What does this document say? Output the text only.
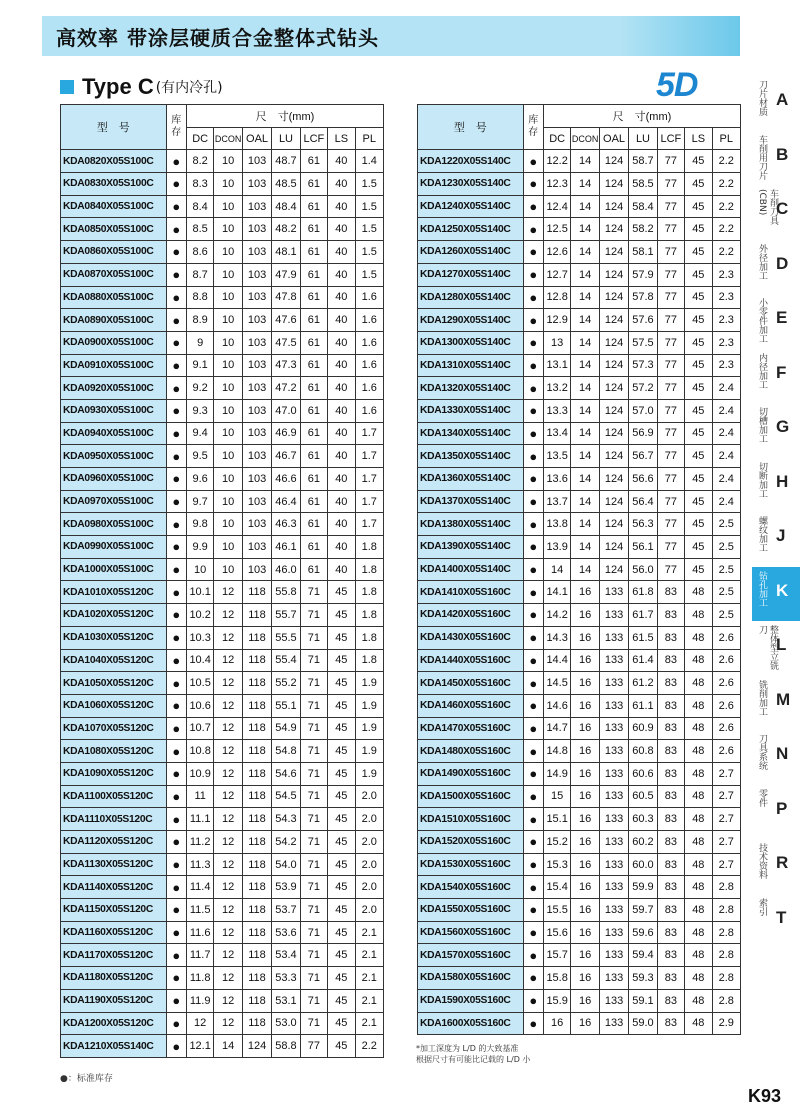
高效率 带涂层硬质合金整体式钻头
Type C (有内冷孔)	5D
型　号	库存	尺　寸(mm)						
		DC	DCON	OAL	LU	LCF	LS	PL
KDA0820X05S100C	●	8.2	10	103	48.7	61	40	1.4
KDA0830X05S100C	●	8.3	10	103	48.5	61	40	1.5
KDA0840X05S100C	●	8.4	10	103	48.4	61	40	1.5
KDA0850X05S100C	●	8.5	10	103	48.2	61	40	1.5
KDA0860X05S100C	●	8.6	10	103	48.1	61	40	1.5
KDA0870X05S100C	●	8.7	10	103	47.9	61	40	1.5
KDA0880X05S100C	●	8.8	10	103	47.8	61	40	1.6
KDA0890X05S100C	●	8.9	10	103	47.6	61	40	1.6
KDA0900X05S100C	●	9	10	103	47.5	61	40	1.6
KDA0910X05S100C	●	9.1	10	103	47.3	61	40	1.6
KDA0920X05S100C	●	9.2	10	103	47.2	61	40	1.6
KDA0930X05S100C	●	9.3	10	103	47.0	61	40	1.6
KDA0940X05S100C	●	9.4	10	103	46.9	61	40	1.7
KDA0950X05S100C	●	9.5	10	103	46.7	61	40	1.7
KDA0960X05S100C	●	9.6	10	103	46.6	61	40	1.7
KDA0970X05S100C	●	9.7	10	103	46.4	61	40	1.7
KDA0980X05S100C	●	9.8	10	103	46.3	61	40	1.7
KDA0990X05S100C	●	9.9	10	103	46.1	61	40	1.8
KDA1000X05S100C	●	10	10	103	46.0	61	40	1.8
KDA1010X05S120C	●	10.1	12	118	55.8	71	45	1.8
KDA1020X05S120C	●	10.2	12	118	55.7	71	45	1.8
KDA1030X05S120C	●	10.3	12	118	55.5	71	45	1.8
KDA1040X05S120C	●	10.4	12	118	55.4	71	45	1.8
KDA1050X05S120C	●	10.5	12	118	55.2	71	45	1.9
KDA1060X05S120C	●	10.6	12	118	55.1	71	45	1.9
KDA1070X05S120C	●	10.7	12	118	54.9	71	45	1.9
KDA1080X05S120C	●	10.8	12	118	54.8	71	45	1.9
KDA1090X05S120C	●	10.9	12	118	54.6	71	45	1.9
KDA1100X05S120C	●	11	12	118	54.5	71	45	2.0
KDA1110X05S120C	●	11.1	12	118	54.3	71	45	2.0
KDA1120X05S120C	●	11.2	12	118	54.2	71	45	2.0
KDA1130X05S120C	●	11.3	12	118	54.0	71	45	2.0
KDA1140X05S120C	●	11.4	12	118	53.9	71	45	2.0
KDA1150X05S120C	●	11.5	12	118	53.7	71	45	2.0
KDA1160X05S120C	●	11.6	12	118	53.6	71	45	2.1
KDA1170X05S120C	●	11.7	12	118	53.4	71	45	2.1
KDA1180X05S120C	●	11.8	12	118	53.3	71	45	2.1
KDA1190X05S120C	●	11.9	12	118	53.1	71	45	2.1
KDA1200X05S120C	●	12	12	118	53.0	71	45	2.1
KDA1210X05S140C	●	12.1	14	124	58.8	77	45	2.2
型　号	库存	尺　寸(mm)						
		DC	DCON	OAL	LU	LCF	LS	PL
KDA1220X05S140C	●	12.2	14	124	58.7	77	45	2.2
KDA1230X05S140C	●	12.3	14	124	58.5	77	45	2.2
KDA1240X05S140C	●	12.4	14	124	58.4	77	45	2.2
KDA1250X05S140C	●	12.5	14	124	58.2	77	45	2.2
KDA1260X05S140C	●	12.6	14	124	58.1	77	45	2.2
KDA1270X05S140C	●	12.7	14	124	57.9	77	45	2.3
KDA1280X05S140C	●	12.8	14	124	57.8	77	45	2.3
KDA1290X05S140C	●	12.9	14	124	57.6	77	45	2.3
KDA1300X05S140C	●	13	14	124	57.5	77	45	2.3
KDA1310X05S140C	●	13.1	14	124	57.3	77	45	2.3
KDA1320X05S140C	●	13.2	14	124	57.2	77	45	2.4
KDA1330X05S140C	●	13.3	14	124	57.0	77	45	2.4
KDA1340X05S140C	●	13.4	14	124	56.9	77	45	2.4
KDA1350X05S140C	●	13.5	14	124	56.7	77	45	2.4
KDA1360X05S140C	●	13.6	14	124	56.6	77	45	2.4
KDA1370X05S140C	●	13.7	14	124	56.4	77	45	2.4
KDA1380X05S140C	●	13.8	14	124	56.3	77	45	2.5
KDA1390X05S140C	●	13.9	14	124	56.1	77	45	2.5
KDA1400X05S140C	●	14	14	124	56.0	77	45	2.5
KDA1410X05S160C	●	14.1	16	133	61.8	83	48	2.5
KDA1420X05S160C	●	14.2	16	133	61.7	83	48	2.5
KDA1430X05S160C	●	14.3	16	133	61.5	83	48	2.6
KDA1440X05S160C	●	14.4	16	133	61.4	83	48	2.6
KDA1450X05S160C	●	14.5	16	133	61.2	83	48	2.6
KDA1460X05S160C	●	14.6	16	133	61.1	83	48	2.6
KDA1470X05S160C	●	14.7	16	133	60.9	83	48	2.6
KDA1480X05S160C	●	14.8	16	133	60.8	83	48	2.6
KDA1490X05S160C	●	14.9	16	133	60.6	83	48	2.7
KDA1500X05S160C	●	15	16	133	60.5	83	48	2.7
KDA1510X05S160C	●	15.1	16	133	60.3	83	48	2.7
KDA1520X05S160C	●	15.2	16	133	60.2	83	48	2.7
KDA1530X05S160C	●	15.3	16	133	60.0	83	48	2.7
KDA1540X05S160C	●	15.4	16	133	59.9	83	48	2.8
KDA1550X05S160C	●	15.5	16	133	59.7	83	48	2.8
KDA1560X05S160C	●	15.6	16	133	59.6	83	48	2.8
KDA1570X05S160C	●	15.7	16	133	59.4	83	48	2.8
KDA1580X05S160C	●	15.8	16	133	59.3	83	48	2.8
KDA1590X05S160C	●	15.9	16	133	59.1	83	48	2.8
KDA1600X05S160C	●	16	16	133	59.0	83	48	2.9
*加工深度为 L/D 的大致基准
根据尺寸有可能比记载的 L/D 小
●：标准库存
K93
刀片材质 A
车削用刀片 B
车削刀具(CBN) C
外径加工 D
小零件加工 E
内径加工 F
切槽加工 G
切断加工 H
螺纹加工 J
钻孔加工 K
整体型立铣刀
L
铣削加工 M
刀具系统 N
零件
P
技术资料 R
索引
T
